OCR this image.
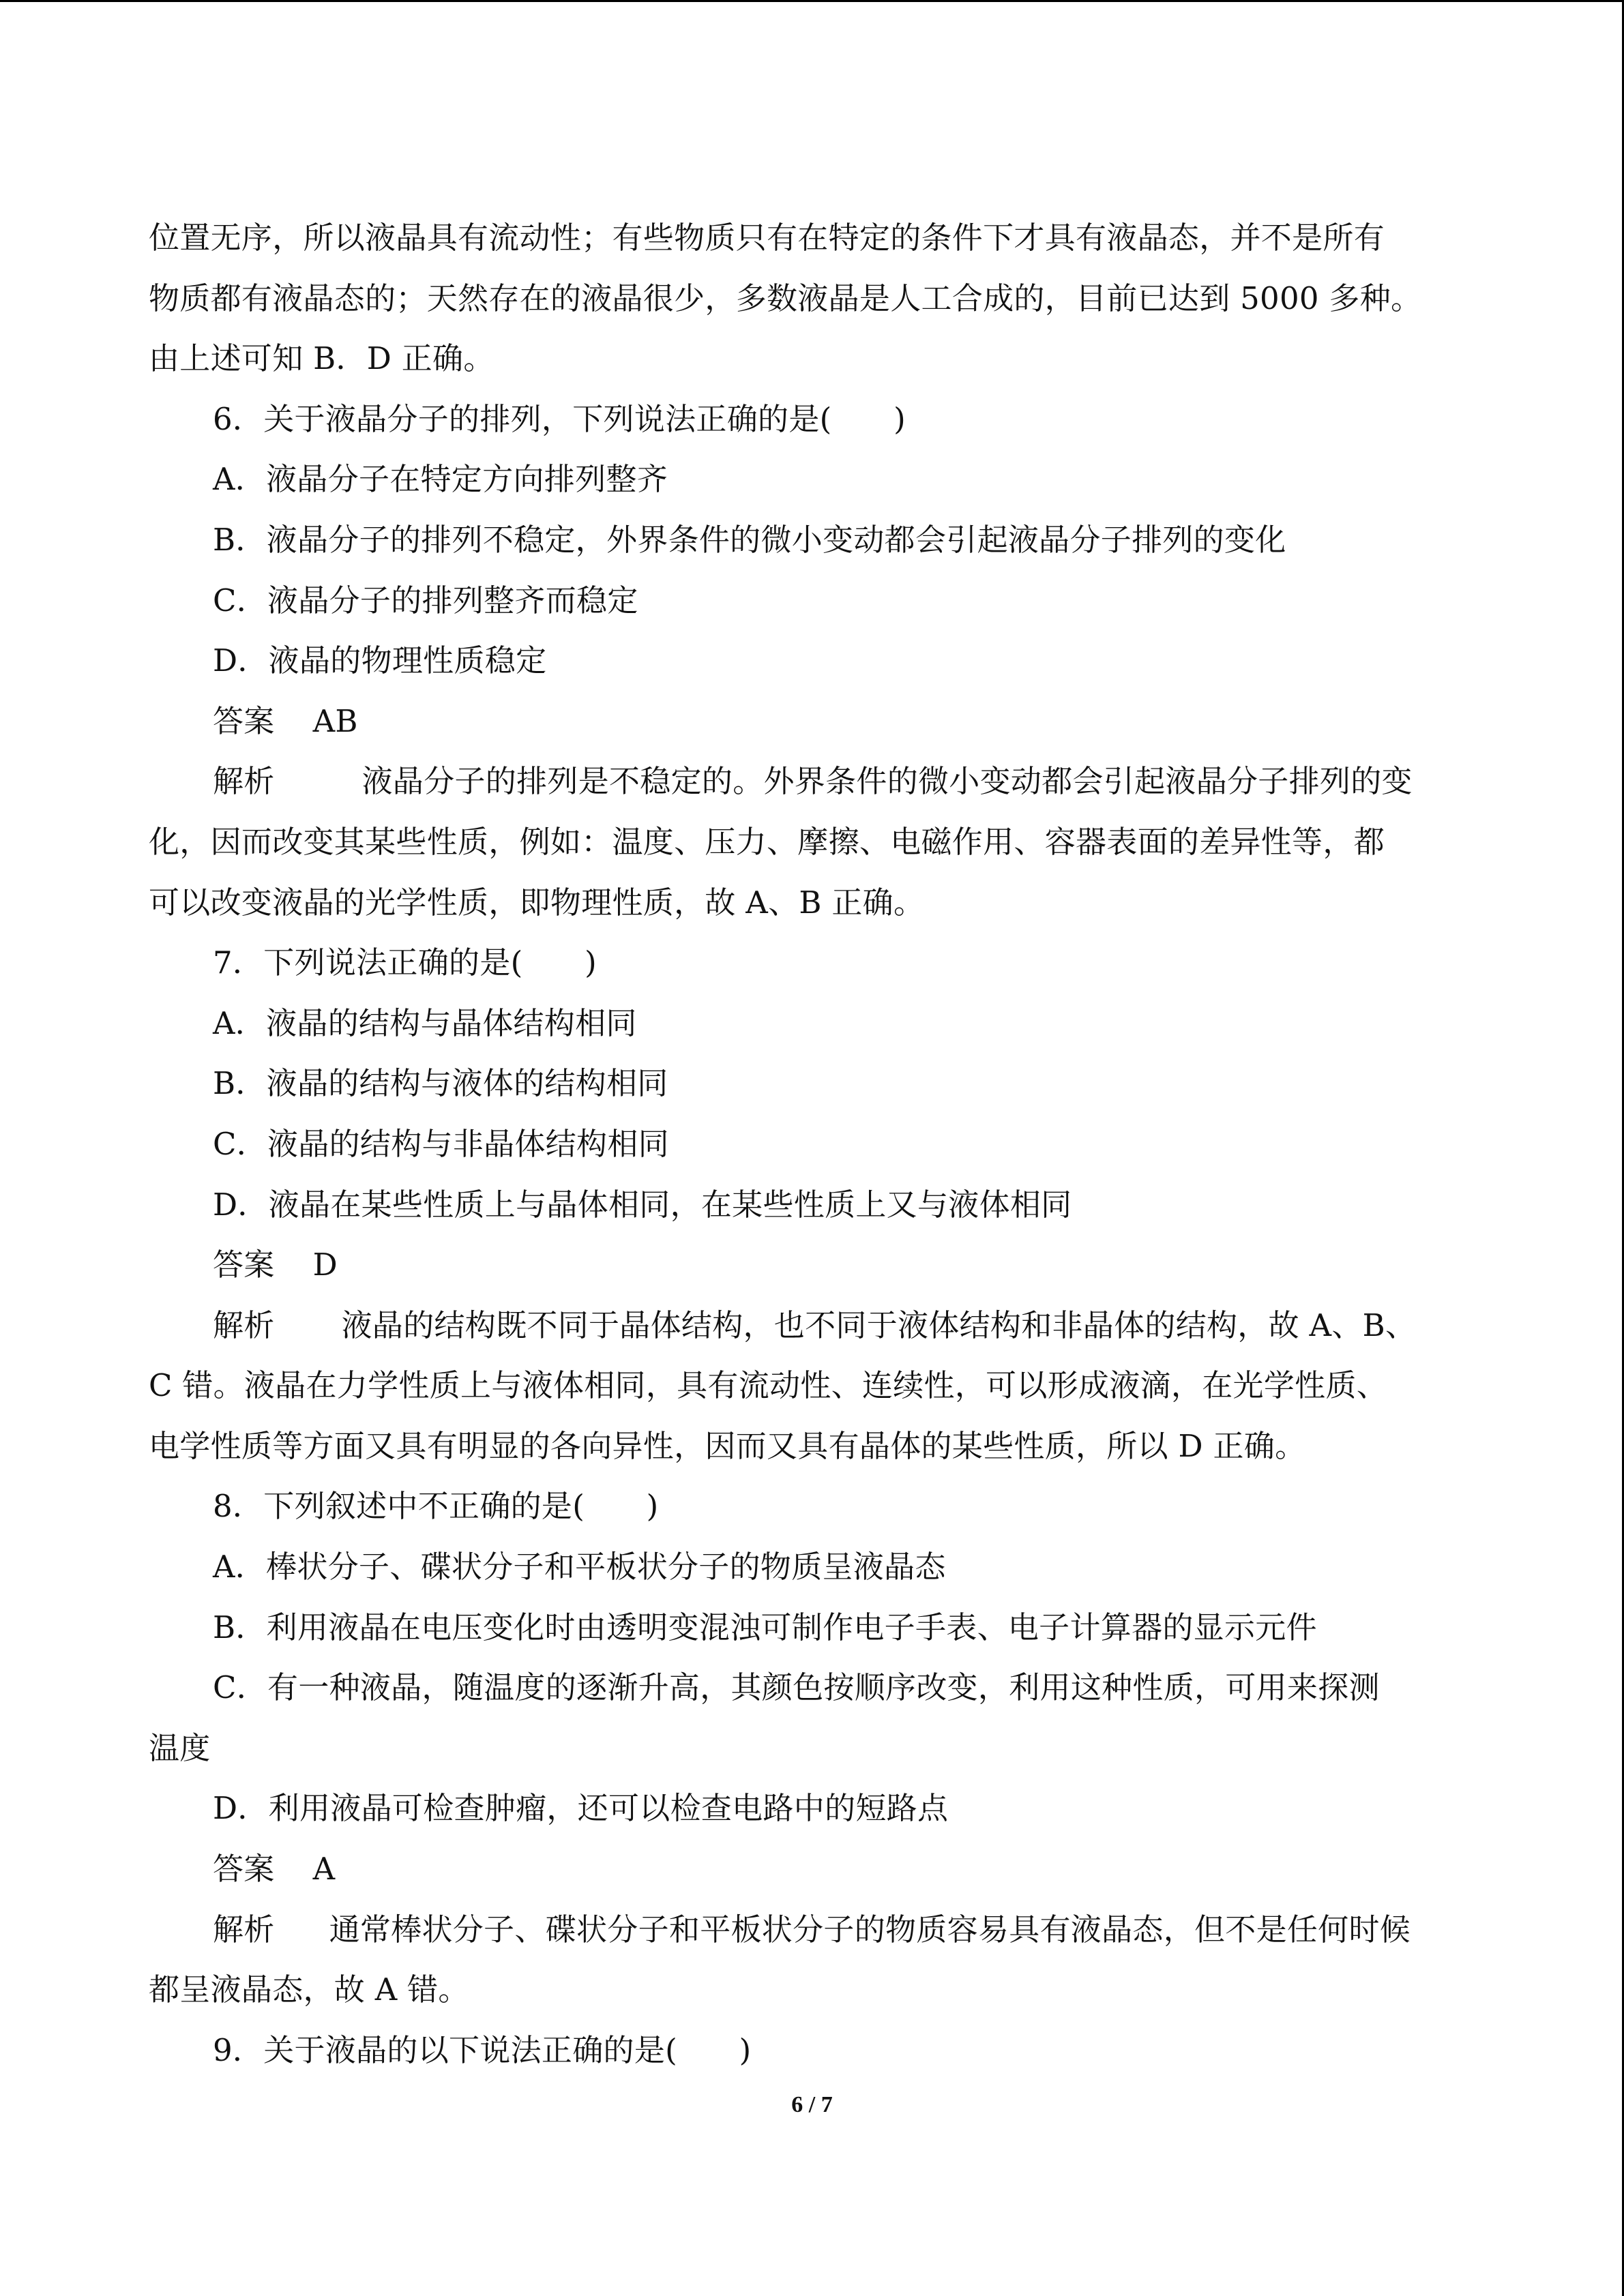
位置无序，所以液晶具有流动性；有些物质只有在特定的条件下才具有液晶态，并不是所有
物质都有液晶态的；天然存在的液晶很少，多数液晶是人工合成的，目前已达到 5000 多种。
由上述可知 B．D 正确。
6．关于液晶分子的排列，下列说法正确的是(　　)
A．液晶分子在特定方向排列整齐
B．液晶分子的排列不稳定，外界条件的微小变动都会引起液晶分子排列的变化
C．液晶分子的排列整齐而稳定
D．液晶的物理性质稳定
答案 AB
解析	液晶分子的排列是不稳定的。外界条件的微小变动都会引起液晶分子排列的变
化，因而改变其某些性质，例如：温度、压力、摩擦、电磁作用、容器表面的差异性等，都
可以改变液晶的光学性质，即物理性质，故 A、B 正确。
7．下列说法正确的是(　　)
A．液晶的结构与晶体结构相同
B．液晶的结构与液体的结构相同
C．液晶的结构与非晶体结构相同
D．液晶在某些性质上与晶体相同，在某些性质上又与液体相同
答案 D
解析 液晶的结构既不同于晶体结构，也不同于液体结构和非晶体的结构，故 A、B、
C 错。液晶在力学性质上与液体相同，具有流动性、连续性，可以形成液滴，在光学性质、
电学性质等方面又具有明显的各向异性，因而又具有晶体的某些性质，所以 D 正确。
8．下列叙述中不正确的是(　　)
A．棒状分子、碟状分子和平板状分子的物质呈液晶态
B．利用液晶在电压变化时由透明变混浊可制作电子手表、电子计算器的显示元件
C．有一种液晶，随温度的逐渐升高，其颜色按顺序改变，利用这种性质，可用来探测
温度
D．利用液晶可检查肿瘤，还可以检查电路中的短路点
答案 A
解析 通常棒状分子、碟状分子和平板状分子的物质容易具有液晶态，但不是任何时候
都呈液晶态，故 A 错。
9．关于液晶的以下说法正确的是(　　)
6 / 7
